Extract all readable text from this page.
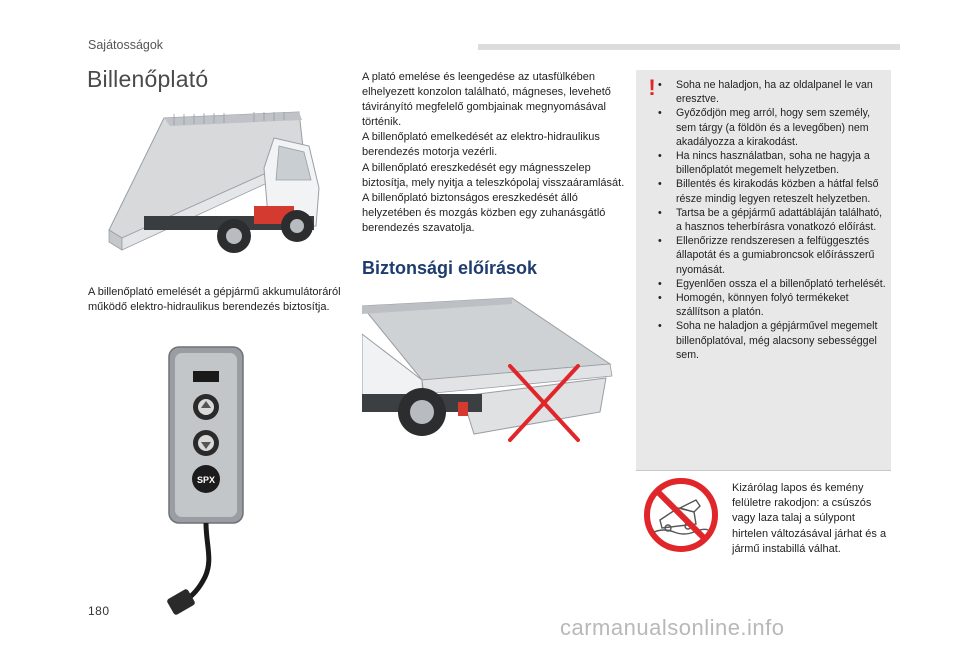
Sajátosságok
Billenőplató

A billenőplató emelését a gépjármű akkumulátoráról működő elektro-hidraulikus berendezés biztosítja.

SPX

A plató emelése és leengedése az utasfülkében elhelyezett konzolon található, mágneses, levehető távirányító megfelelő gombjainak megnyomásával történik.

A billenőplató emelkedését az elektro-hidraulikus berendezés motorja vezérli.

A billenőplató ereszkedését egy mágnesszelep biztosítja, mely nyitja a teleszkópolaj visszaáramlását.

A billenőplató biztonságos ereszkedését álló helyzetében és mozgás közben egy zuhanásgátló berendezés szavatolja.

Biztonsági előírások
!
•	Soha ne haladjon, ha az oldalpanel le van eresztve.
• Győződjön meg arról, hogy sem személy, sem tárgy (a földön és a levegőben) nem akadályozza a kirakodást.
• Ha nincs használatban, soha ne hagyja a billenőplatót megemelt helyzetben.
• Billentés és kirakodás közben a hátfal felső része mindig legyen reteszelt helyzetben.
• Tartsa be a gépjármű adattábláján található, a hasznos teherbírásra vonatkozó előírást.
• Ellenőrizze rendszeresen a felfüggesztés állapotát és a gumiabroncsok előírásszerű nyomását.
• Egyenlően ossza el a billenőplató terhelését.
• Homogén, könnyen folyó termékeket szállítson a platón.
• Soha ne haladjon a gépjárművel megemelt billenőplatóval, még alacsony sebességgel sem.

Kizárólag lapos és kemény felületre rakodjon: a csúszós vagy laza talaj a súlypont hirtelen változásával járhat és a jármű instabillá válhat.

180
carmanualsonline.info
